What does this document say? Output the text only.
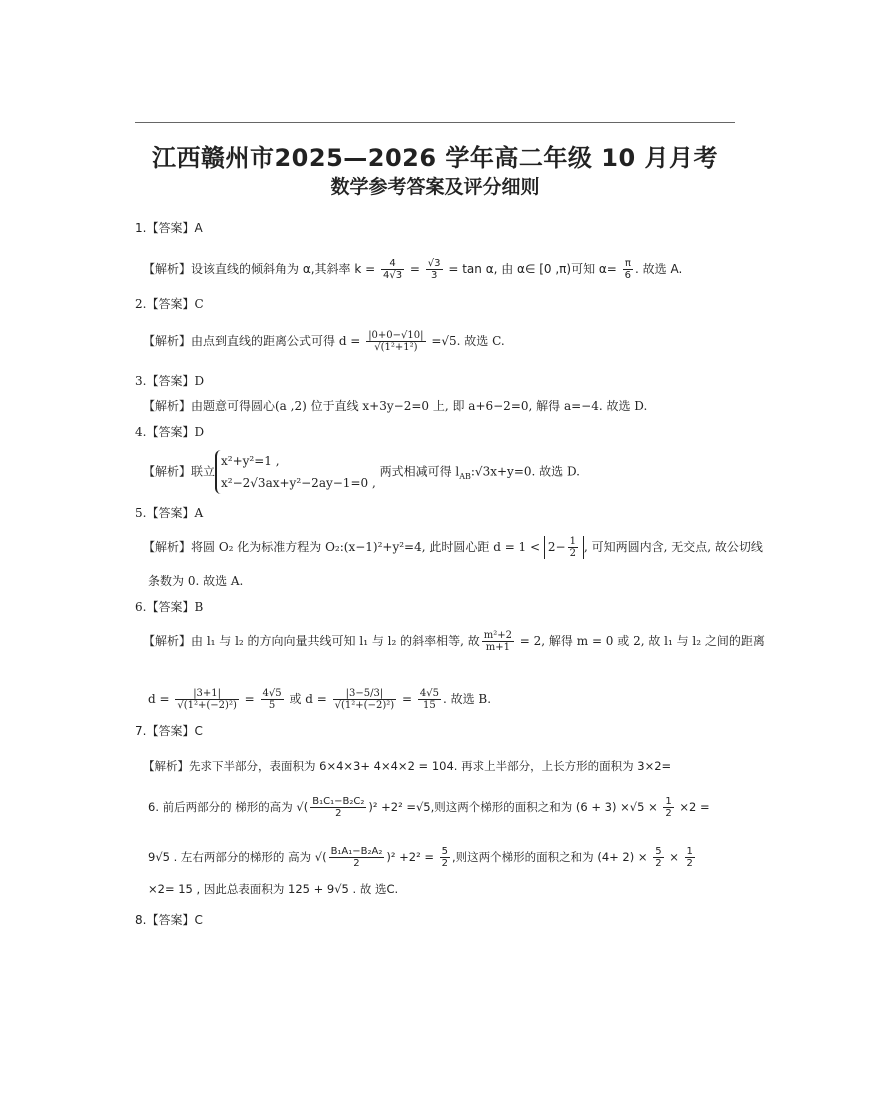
江西赣州市2025—2026 学年高二年级 10 月月考
数学参考答案及评分细则
1.【答案】A
【解析】设该直线的倾斜角为 α,其斜率 $k = \frac{4}{4√3} = \frac{√3}{3} = \tan \alpha$, 由 α∈ [0 ,π)可知 $\alpha= \frac{\pi}{6}$ . 故选 A.
2.【答案】C
【解析】由点到直线的距离公式可得 $d = \frac{|0+0-√10|}{\text{√(1²+1²)}} =√5$. 故选 C.
3.【答案】D
【解析】由题意可得圆心(a ,2) 位于直线 x+3y−2=0 上, 即 a+6−2=0, 解得 a=−4. 故选 D.
4.【答案】D
【解析】联立
x²+y²=1 ,
x²−2√3ax+y²−2ay−1=0 ,
两式相减可得 $l_{AB}:√3x+y=0$. 故选 D.
5.【答案】A
【解析】将圆 O₂ 化为标准方程为 O₂:(x−1)²+y²=4, 此时圆心距 $d = 1 < 2- \frac{1}{2}$ , 可知两圆内含, 无交点, 故公切线
条数为 0. 故选 A.
6.【答案】B
【解析】由 l₁ 与 l₂ 的方向向量共线可知 l₁ 与 l₂ 的斜率相等, 故 $\frac{\text{m²+2}}{m+1} = 2$, 解得 m = 0 或 2, 故 l₁ 与 l₂ 之间的距离
$d = \frac{|3+1|}{\text{√(1²+(−2)²)}} = \frac{4√5}{5}$ 或 $d = \frac{|3-5/3|}{\text{√(1²+(−2)²)}} = \frac{4√5}{15}$ . 故选 B.
7.【答案】C
【解析】先求下半部分，表面积为 6×4×3+ 4×4×2 = 104. 再求上半部分，上长方形的面积为 3×2=
6. 前后两部分的 梯形的高为 √( $\frac{\text{B₁C₁−B₂C₂}}{2} )^2 +2^2 =√5$,则这两个梯形的面积之和为 $(6 + 3) \times√5 \times \frac{1}{2} \times 2$ =
9√5 . 左右两部分的梯形的 高为 √( $\frac{\text{B₁A₁−B₂A₂}}{2} )^2 +2^2 = \frac{5}{2}$ ,则这两个梯形的面积之和为 $(4+ 2) \times \frac{5}{2} \times \frac{1}{2}$
×2= 15 , 因此总表面积为 125 + 9√5 . 故 选C.
8.【答案】C
